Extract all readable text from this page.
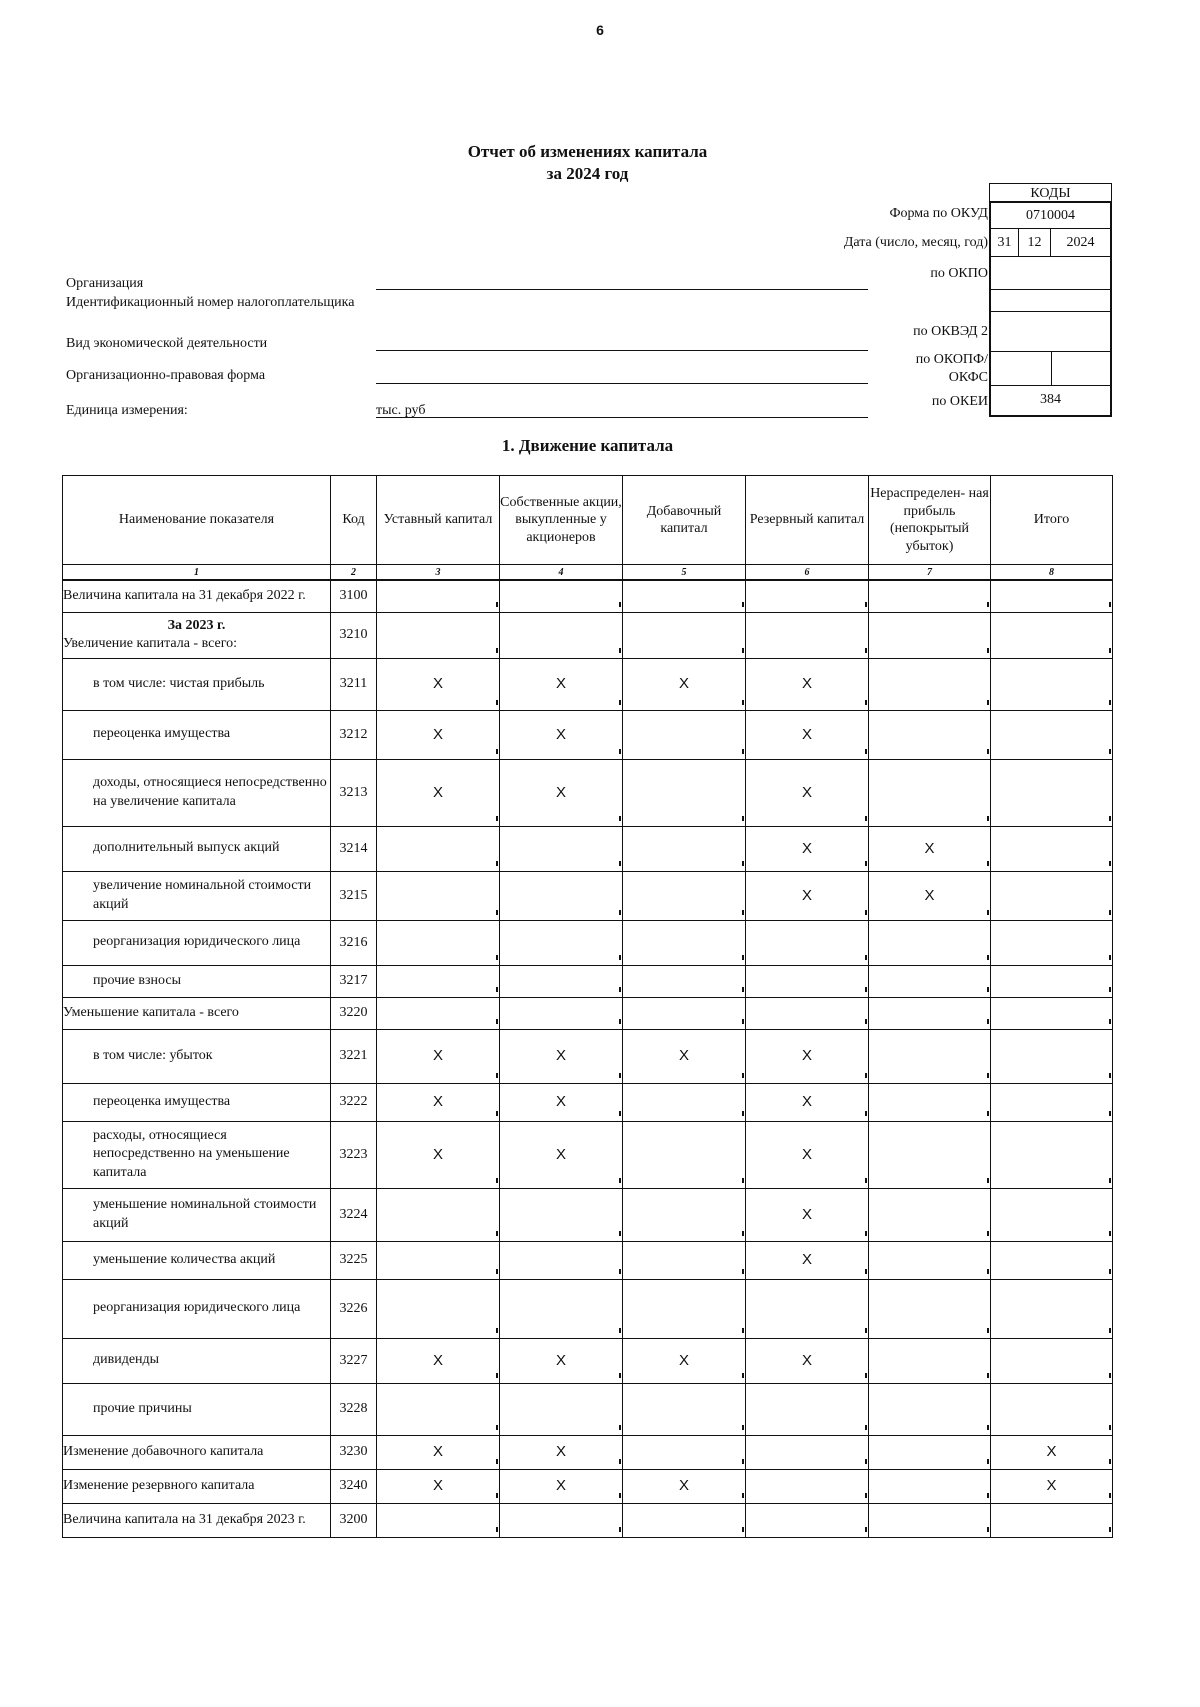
6
Отчет об изменениях капитала
за 2024 год
КОДЫ
Форма по ОКУД	0710004
Дата (число, месяц, год) 31	12	2024
по ОКПО
по ОКВЭД 2
по ОКОПФ/
ОКФС
по ОКЕИ	384
Организация
Идентификационный номер налогоплательщика
Вид экономической деятельности
Организационно-правовая форма
Единица измерения:	тыс. руб
1. Движение капитала
Наименование показателя	Код	Уставный капитал	Собственные акции, выкупленные у акционеров	Добавочный капитал	Резервный капитал	Нераспределен- ная прибыль (непокрытый убыток)	Итого
1	2	3	4	5	6	7	8
Величина капитала на 31 декабря 2022 г.	3100						

За 2023 г.
Увеличение капитала - всего:	3210						
в том числе: чистая прибыль	3211	X	X	X	X		
переоценка имущества	3212	X	X		X		
доходы, относящиеся непосредственно на увеличение капитала	3213	X	X		X		
дополнительный выпуск акций	3214				X	X	
увеличение номинальной стоимости акций	3215				X	X	
реорганизация юридического лица	3216						
прочие взносы	3217						
Уменьшение капитала - всего	3220						
в том числе: убыток	3221	X	X	X	X		
переоценка имущества	3222	X	X		X		
расходы, относящиеся непосредственно на уменьшение капитала	3223	X	X		X		
уменьшение номинальной стоимости акций	3224				X		
уменьшение количества акций	3225				X		
реорганизация юридического лица	3226						
дивиденды	3227	X	X	X	X		
прочие причины	3228						
Изменение добавочного капитала	3230	X	X				X
Изменение резервного капитала	3240	X	X	X			X
Величина капитала на 31 декабря 2023 г.	3200						
